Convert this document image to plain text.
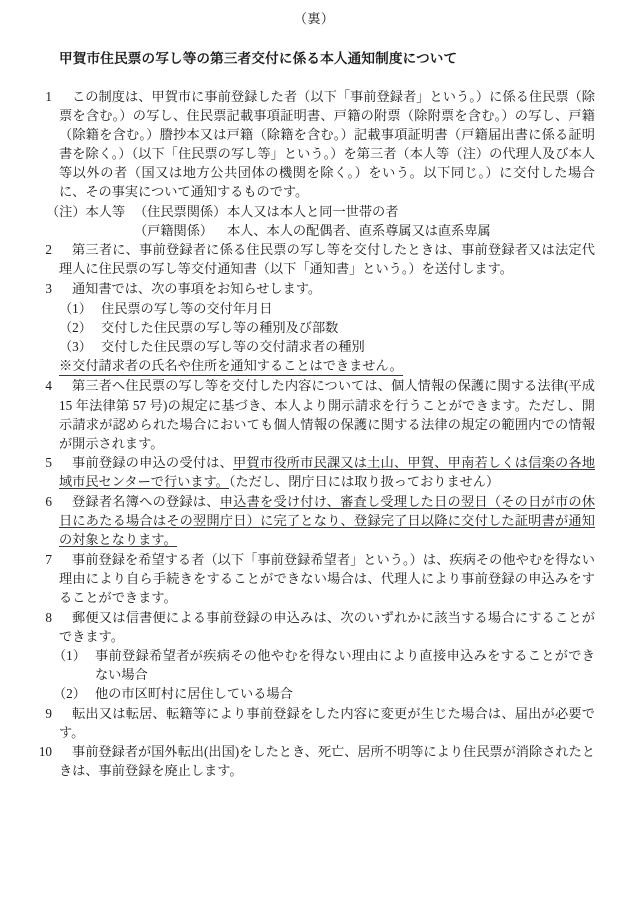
（裏）
甲賀市住民票の写し等の第三者交付に係る本人通知制度について
1	この制度は、甲賀市に事前登録した者（以下「事前登録者」という。）に係る住民票（除票を含む。）の写し、住民票記載事項証明書、戸籍の附票（除附票を含む。）の写し、戸籍（除籍を含む。）謄抄本又は戸籍（除籍を含む。）記載事項証明書（戸籍届出書に係る証明書を除く。）（以下「住民票の写し等」という。）を第三者（本人等（注）の代理人及び本人等以外の者（国又は地方公共団体の機関を除く。）をいう。以下同じ。）に交付した場合に、その事実について通知するものです。
（注）本人等 （住民票関係）本人又は本人と同一世帯の者
（戸籍関係） 本人、本人の配偶者、直系尊属又は直系卑属
2	第三者に、事前登録者に係る住民票の写し等を交付したときは、事前登録者又は法定代理人に住民票の写し等交付通知書（以下「通知書」という。）を送付します。
3	通知書では、次の事項をお知らせします。
（1） 住民票の写し等の交付年月日
（2） 交付した住民票の写し等の種別及び部数
（3） 交付した住民票の写し等の交付請求者の種別
※交付請求者の氏名や住所を通知することはできません。
4	第三者へ住民票の写し等を交付した内容については、個人情報の保護に関する法律(平成 15 年法律第 57 号)の規定に基づき、本人より開示請求を行うことができます。ただし、開示請求が認められた場合においても個人情報の保護に関する法律の規定の範囲内での情報が開示されます。
5	事前登録の申込の受付は、甲賀市役所市民課又は土山、甲賀、甲南若しくは信楽の各地域市民センターで行います。（ただし、閉庁日には取り扱っておりません）
6	登録者名簿への登録は、申込書を受け付け、審査し受理した日の翌日（その日が市の休日にあたる場合はその翌開庁日）に完了となり、登録完了日以降に交付した証明書が通知の対象となります。
7	事前登録を希望する者（以下「事前登録希望者」という。）は、疾病その他やむを得ない理由により自ら手続きをすることができない場合は、代理人により事前登録の申込みをすることができます。
8	郵便又は信書便による事前登録の申込みは、次のいずれかに該当する場合にすることができます。
（1） 事前登録希望者が疾病その他やむを得ない理由により直接申込みをすることができない場合
（2） 他の市区町村に居住している場合
9	転出又は転居、転籍等により事前登録をした内容に変更が生じた場合は、届出が必要です。
10	事前登録者が国外転出(出国)をしたとき、死亡、居所不明等により住民票が消除されたときは、事前登録を廃止します。
